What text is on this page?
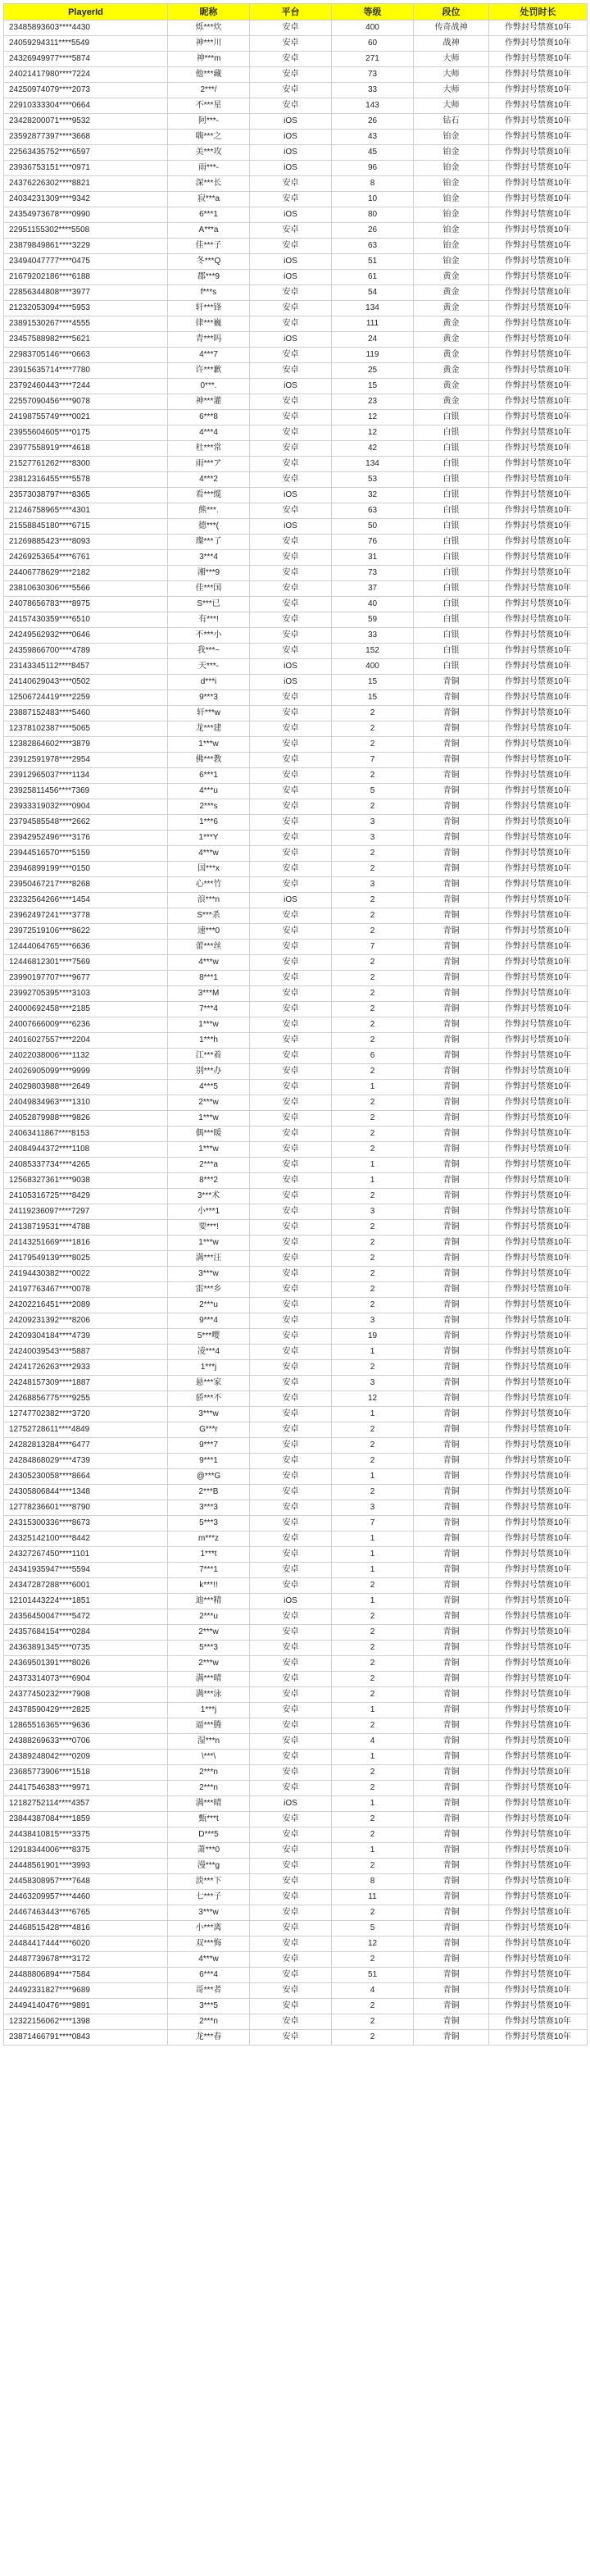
PlayerId	昵称	平台	等级	段位	处罚时长
23485893603****4430	烁***炊	安卓	400	传奇战神	作弊封号禁赛10年
24059294311****5549	神***川	安卓	60	战神	作弊封号禁赛10年
24326949977****5874	神***m	安卓	271	大师	作弊封号禁赛10年
24021417980****7224	他***藏	安卓	73	大师	作弊封号禁赛10年
24250974079****2073	2***/	安卓	33	大师	作弊封号禁赛10年
22910333304****0664	不***星	安卓	143	大师	作弊封号禁赛10年
23428200071****9532	阿***-	iOS	26	钻石	作弊封号禁赛10年
23592877397****3668	嗨***之	iOS	43	铂金	作弊封号禁赛10年
22563435752****6597	美***攻	iOS	45	铂金	作弊封号禁赛10年
23936753151****0971	雨***-	iOS	96	铂金	作弊封号禁赛10年
24376226302****8821	深***长	安卓	8	铂金	作弊封号禁赛10年
24034231309****9342	寂***a	安卓	10	铂金	作弊封号禁赛10年
24354973678****0990	6***1	iOS	80	铂金	作弊封号禁赛10年
22951155302****5508	A***a	安卓	26	铂金	作弊封号禁赛10年
23879849861****3229	佳***子	安卓	63	铂金	作弊封号禁赛10年
23494047777****0475	冬***Q	iOS	51	铂金	作弊封号禁赛10年
21679202186****6188	郡***9	iOS	61	黄金	作弊封号禁赛10年
22856344808****3977	f***s	安卓	54	黄金	作弊封号禁赛10年
21232053094****5953	轩***锋	安卓	134	黄金	作弊封号禁赛10年
23891530267****4555	律***巍	安卓	111	黄金	作弊封号禁赛10年
23457588982****5621	青***吗	iOS	24	黄金	作弊封号禁赛10年
22983705146****0663	4***7	安卓	119	黄金	作弊封号禁赛10年
23915635714****7780	许***歉	安卓	25	黄金	作弊封号禁赛10年
23792460443****7244	0***.	iOS	15	黄金	作弊封号禁赛10年
22557090456****9078	神***灌	安卓	23	黄金	作弊封号禁赛10年
24198755749****0021	6***8	安卓	12	白银	作弊封号禁赛10年
23955604605****0175	4***4	安卓	12	白银	作弊封号禁赛10年
23977558919****4618	杜***常	安卓	42	白银	作弊封号禁赛10年
21527761262****8300	雨***ア	安卓	134	白银	作弊封号禁赛10年
23812316455****5578	4***2	安卓	53	白银	作弊封号禁赛10年
23573038797****8365	看***缆	iOS	32	白银	作弊封号禁赛10年
21246758965****4301	熊***.	安卓	63	白银	作弊封号禁赛10年
21558845180****6715	德***(	iOS	50	白银	作弊封号禁赛10年
21269885423****8093	璨***了	安卓	76	白银	作弊封号禁赛10年
24269253654****6761	3***4	安卓	31	白银	作弊封号禁赛10年
24406778629****2182	湘***9	安卓	73	白银	作弊封号禁赛10年
23810630306****5566	佳***国	安卓	37	白银	作弊封号禁赛10年
24078656783****8975	S***已	安卓	40	白银	作弊封号禁赛10年
24157430359****6510	有***!	安卓	59	白银	作弊封号禁赛10年
24249562932****0646	不***小	安卓	33	白银	作弊封号禁赛10年
24359866700****4789	我***~	安卓	152	白银	作弊封号禁赛10年
23143345112****8457	天***-	iOS	400	白银	作弊封号禁赛10年
24140629043****0502	d***i	iOS	15	青铜	作弊封号禁赛10年
12506724419****2259	9***3	安卓	15	青铜	作弊封号禁赛10年
23887152483****5460	轩***w	安卓	2	青铜	作弊封号禁赛10年
12378102387****5065	龙***建	安卓	2	青铜	作弊封号禁赛10年
12382864602****3879	1***w	安卓	2	青铜	作弊封号禁赛10年
23912591978****2954	佛***教	安卓	7	青铜	作弊封号禁赛10年
23912965037****1134	6***1	安卓	2	青铜	作弊封号禁赛10年
23925811456****7369	4***u	安卓	5	青铜	作弊封号禁赛10年
23933319032****0904	2***s	安卓	2	青铜	作弊封号禁赛10年
23794585548****2662	1***6	安卓	3	青铜	作弊封号禁赛10年
23942952496****3176	1***Y	安卓	3	青铜	作弊封号禁赛10年
23944516570****5159	4***w	安卓	2	青铜	作弊封号禁赛10年
23946899199****0150	国***x	安卓	2	青铜	作弊封号禁赛10年
23950467217****8268	心***竹	安卓	3	青铜	作弊封号禁赛10年
23232564266****1454	浪***n	iOS	2	青铜	作弊封号禁赛10年
23962497241****3778	S***杀	安卓	2	青铜	作弊封号禁赛10年
23972519106****8622	速***0	安卓	2	青铜	作弊封号禁赛10年
12444064765****6636	蕾***丝	安卓	7	青铜	作弊封号禁赛10年
12446812301****7569	4***w	安卓	2	青铜	作弊封号禁赛10年
23990197707****9677	8***1	安卓	2	青铜	作弊封号禁赛10年
23992705395****3103	3***M	安卓	2	青铜	作弊封号禁赛10年
24000692458****2185	7***4	安卓	2	青铜	作弊封号禁赛10年
24007666009****6236	1***w	安卓	2	青铜	作弊封号禁赛10年
24016027557****2204	1***h	安卓	2	青铜	作弊封号禁赛10年
24022038006****1132	江***着	安卓	6	青铜	作弊封号禁赛10年
24026905099****9999	别***办	安卓	2	青铜	作弊封号禁赛10年
24029803988****2649	4***5	安卓	1	青铜	作弊封号禁赛10年
24049834963****1310	2***w	安卓	2	青铜	作弊封号禁赛10年
24052879988****9826	1***w	安卓	2	青铜	作弊封号禁赛10年
24063411867****8153	偶***暖	安卓	2	青铜	作弊封号禁赛10年
24084944372****1108	1***w	安卓	2	青铜	作弊封号禁赛10年
24085337734****4265	2***a	安卓	1	青铜	作弊封号禁赛10年
12568327361****9038	8***2	安卓	1	青铜	作弊封号禁赛10年
24105316725****8429	3***术	安卓	2	青铜	作弊封号禁赛10年
24119236097****7297	小***1	安卓	3	青铜	作弊封号禁赛10年
24138719531****4788	要***!	安卓	2	青铜	作弊封号禁赛10年
24143251669****1816	1***w	安卓	2	青铜	作弊封号禁赛10年
24179549139****8025	满***汪	安卓	2	青铜	作弊封号禁赛10年
24194430382****0022	3***w	安卓	2	青铜	作弊封号禁赛10年
24197763467****0078	雷***乡	安卓	2	青铜	作弊封号禁赛10年
24202216451****2089	2***u	安卓	2	青铜	作弊封号禁赛10年
24209231392****8206	9***4	安卓	3	青铜	作弊封号禁赛10年
24209304184****4739	5***嘤	安卓	19	青铜	作弊封号禁赛10年
24240039543****5887	凌***4	安卓	1	青铜	作弊封号禁赛10年
24241726263****2933	1***j	安卓	2	青铜	作弊封号禁赛10年
24248157309****1887	悬***家	安卓	3	青铜	作弊封号禁赛10年
24268856775****9255	骄***不	安卓	12	青铜	作弊封号禁赛10年
12747702382****3720	3***w	安卓	1	青铜	作弊封号禁赛10年
12752728611****4849	G***r	安卓	2	青铜	作弊封号禁赛10年
24282813284****6477	9***7	安卓	2	青铜	作弊封号禁赛10年
24284868029****4739	9***1	安卓	2	青铜	作弊封号禁赛10年
24305230058****8664	@***G	安卓	1	青铜	作弊封号禁赛10年
24305806844****1348	2***B	安卓	2	青铜	作弊封号禁赛10年
12778236601****8790	3***3	安卓	3	青铜	作弊封号禁赛10年
24315300336****8673	5***3	安卓	7	青铜	作弊封号禁赛10年
24325142100****8442	m***z	安卓	1	青铜	作弊封号禁赛10年
24327267450****1101	1***t	安卓	1	青铜	作弊封号禁赛10年
24341935947****5594	7***1	安卓	1	青铜	作弊封号禁赛10年
24347287288****6001	k***!!	安卓	2	青铜	作弊封号禁赛10年
12101443224****1851	迪***精	iOS	1	青铜	作弊封号禁赛10年
24356450047****5472	2***u	安卓	2	青铜	作弊封号禁赛10年
24357684154****0284	2***w	安卓	2	青铜	作弊封号禁赛10年
24363891345****0735	5***3	安卓	2	青铜	作弊封号禁赛10年
24369501391****8026	2***w	安卓	2	青铜	作弊封号禁赛10年
24373314073****6904	满***晴	安卓	2	青铜	作弊封号禁赛10年
24377450232****7908	满***泳	安卓	2	青铜	作弊封号禁赛10年
24378590429****2825	1***j	安卓	1	青铜	作弊封号禁赛10年
12865516365****9636	逼***腾	安卓	2	青铜	作弊封号禁赛10年
24388269633****0706	湿***n	安卓	4	青铜	作弊封号禁赛10年
24389248042****0209	\***\	安卓	1	青铜	作弊封号禁赛10年
23685773906****1518	2***n	安卓	2	青铜	作弊封号禁赛10年
24417546383****9971	2***n	安卓	2	青铜	作弊封号禁赛10年
12182752114****4357	满***晴	iOS	1	青铜	作弊封号禁赛10年
23844387084****1859	甄***t	安卓	2	青铜	作弊封号禁赛10年
24438410815****3375	D***5	安卓	2	青铜	作弊封号禁赛10年
12918344006****8375	萧***0	安卓	1	青铜	作弊封号禁赛10年
24448561901****3993	漫***g	安卓	2	青铜	作弊封号禁赛10年
24458308957****7648	淡***下	安卓	8	青铜	作弊封号禁赛10年
24463209957****4460	七***子	安卓	11	青铜	作弊封号禁赛10年
24467463443****6765	3***w	安卓	2	青铜	作弊封号禁赛10年
24468515428****4816	小***离	安卓	5	青铜	作弊封号禁赛10年
24484417444****6020	双***悔	安卓	12	青铜	作弊封号禁赛10年
24487739678****3172	4***w	安卓	2	青铜	作弊封号禁赛10年
24488806894****7584	6***4	安卓	51	青铜	作弊封号禁赛10年
24492331827****9689	哥***者	安卓	4	青铜	作弊封号禁赛10年
24494140476****9891	3***5	安卓	2	青铜	作弊封号禁赛10年
12322156062****1398	2***n	安卓	2	青铜	作弊封号禁赛10年
23871466791****0843	龙***春	安卓	2	青铜	作弊封号禁赛10年
